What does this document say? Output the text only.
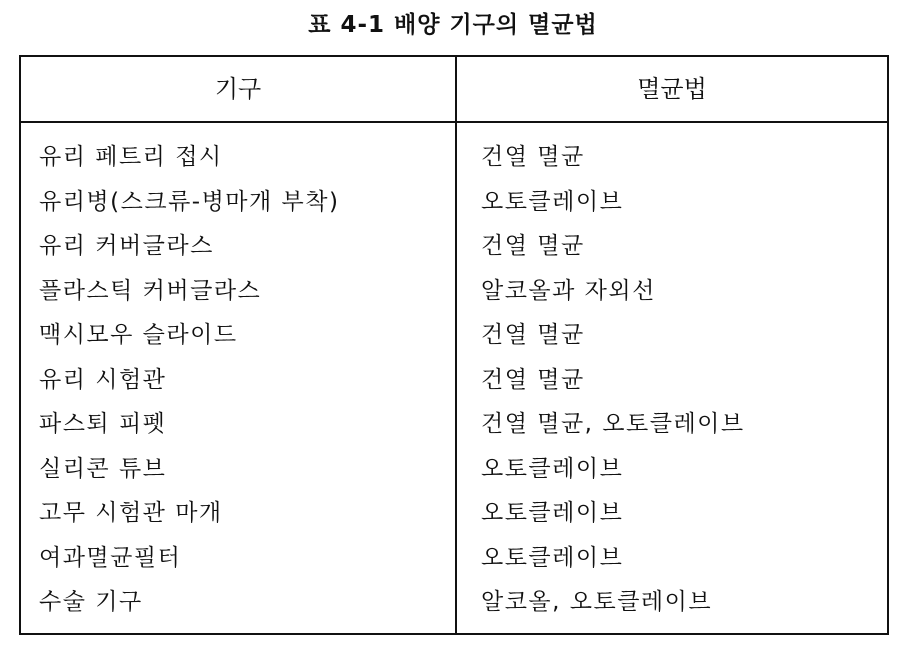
표 4-1 배양 기구의 멸균법
기구	멸균법
유리 페트리 접시
유리병(스크류-병마개 부착)
유리 커버글라스
플라스틱 커버글라스
맥시모우 슬라이드
유리 시험관
파스퇴 피펫
실리콘 튜브
고무 시험관 마개
여과멸균필터
수술 기구
건열 멸균
오토클레이브
건열 멸균
알코올과 자외선
건열 멸균
건열 멸균
건열 멸균, 오토클레이브
오토클레이브
오토클레이브
오토클레이브
알코올, 오토클레이브
